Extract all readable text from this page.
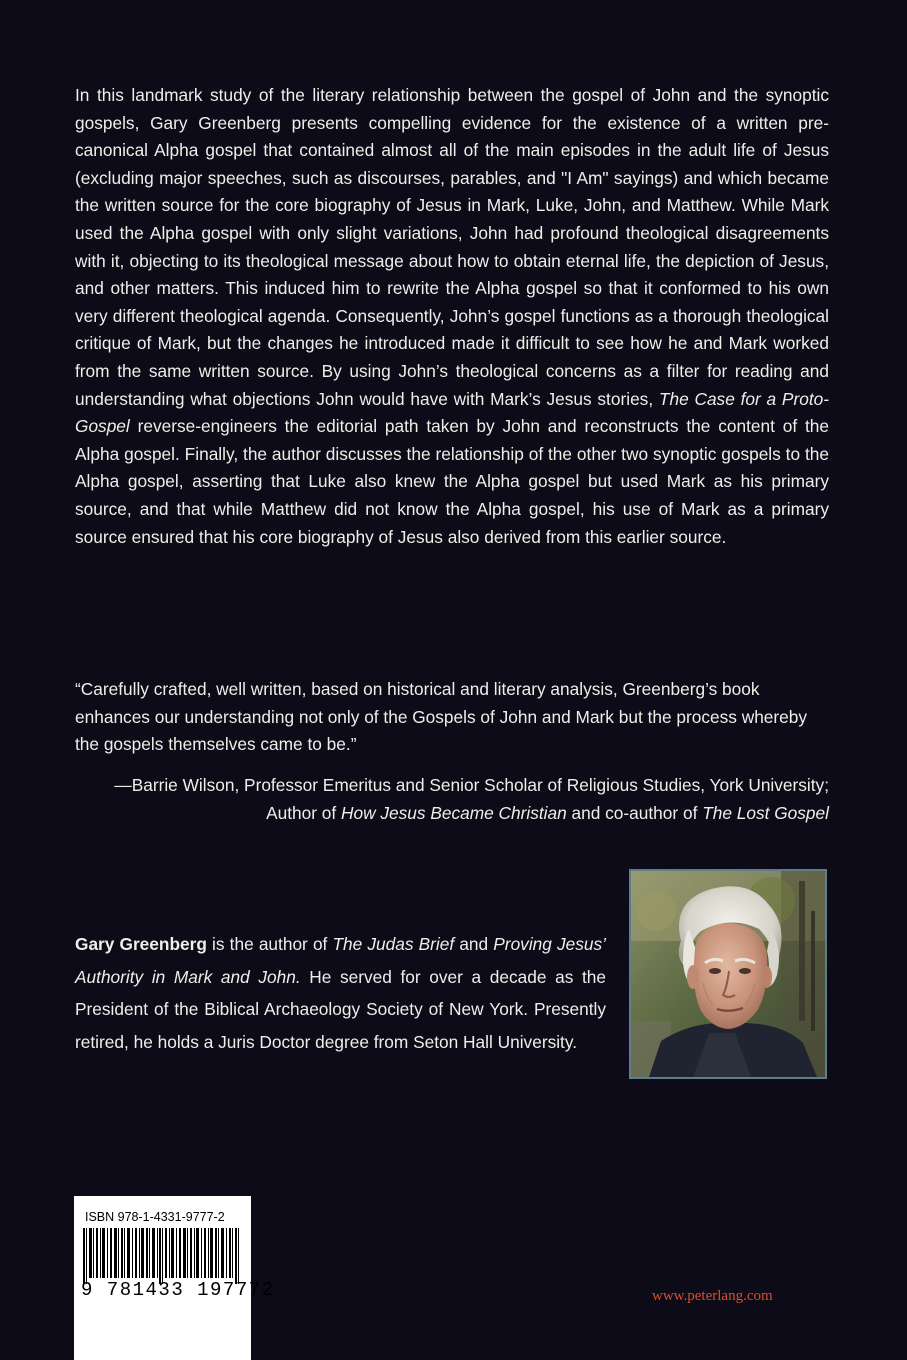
In this landmark study of the literary relationship between the gospel of John and the synoptic gospels, Gary Greenberg presents compelling evidence for the existence of a written pre-canonical Alpha gospel that contained almost all of the main episodes in the adult life of Jesus (excluding major speeches, such as discourses, parables, and "I Am" sayings) and which became the written source for the core biography of Jesus in Mark, Luke, John, and Matthew. While Mark used the Alpha gospel with only slight variations, John had profound theological disagreements with it, objecting to its theological message about how to obtain eternal life, the depiction of Jesus, and other matters. This induced him to rewrite the Alpha gospel so that it conformed to his own very different theological agenda. Consequently, John’s gospel functions as a thorough theological critique of Mark, but the changes he introduced made it difficult to see how he and Mark worked from the same written source. By using John’s theological concerns as a filter for reading and understanding what objections John would have with Mark’s Jesus stories, The Case for a Proto-Gospel reverse-engineers the editorial path taken by John and reconstructs the content of the Alpha gospel. Finally, the author discusses the relationship of the other two synoptic gospels to the Alpha gospel, asserting that Luke also knew the Alpha gospel but used Mark as his primary source, and that while Matthew did not know the Alpha gospel, his use of Mark as a primary source ensured that his core biography of Jesus also derived from this earlier source.

“Carefully crafted, well written, based on historical and literary analysis, Greenberg’s book enhances our understanding not only of the Gospels of John and Mark but the process whereby the gospels themselves came to be.”

—Barrie Wilson, Professor Emeritus and Senior Scholar of Religious Studies, York University;
Author of How Jesus Became Christian and co-author of The Lost Gospel

Gary Greenberg is the author of The Judas Brief and Proving Jesus’ Authority in Mark and John. He served for over a decade as the President of the Biblical Archaeology Society of New York. Presently retired, he holds a Juris Doctor degree from Seton Hall University.

ISBN 978-1-4331-9777-2
9 781433 197772	www.peterlang.com
